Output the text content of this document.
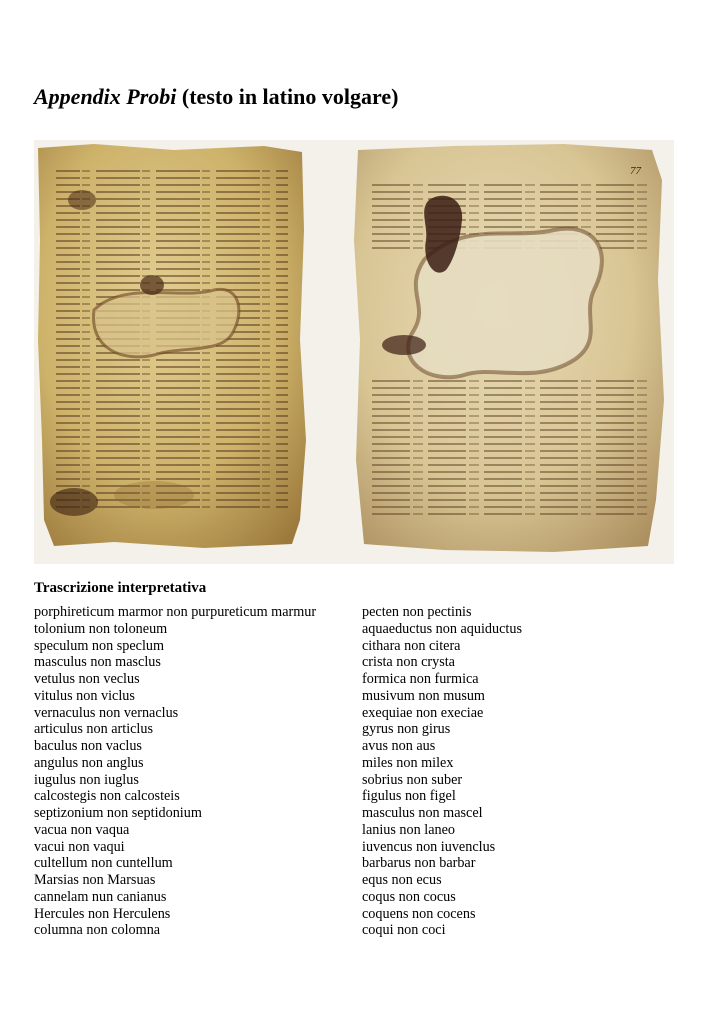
Appendix Probi (testo in latino volgare)
77
Trascrizione interpretativa
porphireticum marmor non purpureticum marmur
tolonium non toloneum
speculum non speclum
masculus non masclus
vetulus non veclus
vitulus non viclus
vernaculus non vernaclus
articulus non articlus
baculus non vaclus
angulus non anglus
iugulus non iuglus
calcostegis non calcosteis
septizonium non septidonium
vacua non vaqua
vacui non vaqui
cultellum non cuntellum
Marsias non Marsuas
cannelam nun canianus
Hercules non Herculens
columna non colomna
pecten non pectinis
aquaeductus non aquiductus
cithara non citera
crista non crysta
formica non furmica
musivum non musum
exequiae non execiae
gyrus non girus
avus non aus
miles non milex
sobrius non suber
figulus non figel
masculus non mascel
lanius non laneo
iuvencus non iuvenclus
barbarus non barbar
equs non ecus
coqus non cocus
coquens non cocens
coqui non coci
